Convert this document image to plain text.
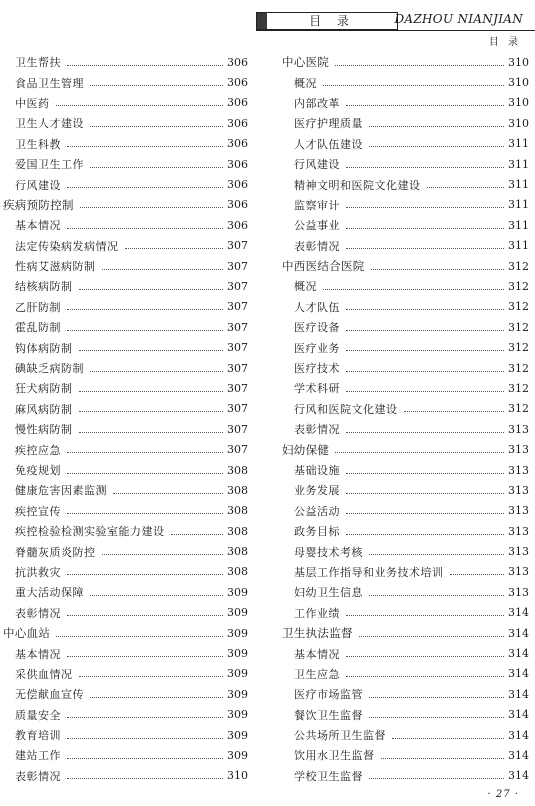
目 录	DAZHOU NIANJIAN
目 录
卫生帮扶	306
食品卫生管理	306
中医药	306
卫生人才建设	306
卫生科教	306
爱国卫生工作	306
行风建设	306
疾病预防控制	306
基本情况	306
法定传染病发病情况	307
性病艾滋病防制	307
结核病防制	307
乙肝防制	307
霍乱防制	307
钩体病防制	307
碘缺乏病防制	307
狂犬病防制	307
麻风病防制	307
慢性病防制	307
疾控应急	307
免疫规划	308
健康危害因素监测	308
疾控宣传	308
疾控检验检测实验室能力建设	308
脊髓灰质炎防控	308
抗洪救灾	308
重大活动保障	309
表彰情况	309
中心血站	309
基本情况	309
采供血情况	309
无偿献血宣传	309
质量安全	309
教育培训	309
建站工作	309
表彰情况	310
中心医院	310
概况	310
内部改革	310
医疗护理质量	310
人才队伍建设	311
行风建设	311
精神文明和医院文化建设	311
监察审计	311
公益事业	311
表彰情况	311
中西医结合医院	312
概况	312
人才队伍	312
医疗设备	312
医疗业务	312
医疗技术	312
学术科研	312
行风和医院文化建设	312
表彰情况	313
妇幼保健	313
基础设施	313
业务发展	313
公益活动	313
政务目标	313
母婴技术考核	313
基层工作指导和业务技术培训	313
妇幼卫生信息	313
工作业绩	314
卫生执法监督	314
基本情况	314
卫生应急	314
医疗市场监管	314
餐饮卫生监督	314
公共场所卫生监督	314
饮用水卫生监督	314
学校卫生监督	314
· 27 ·
